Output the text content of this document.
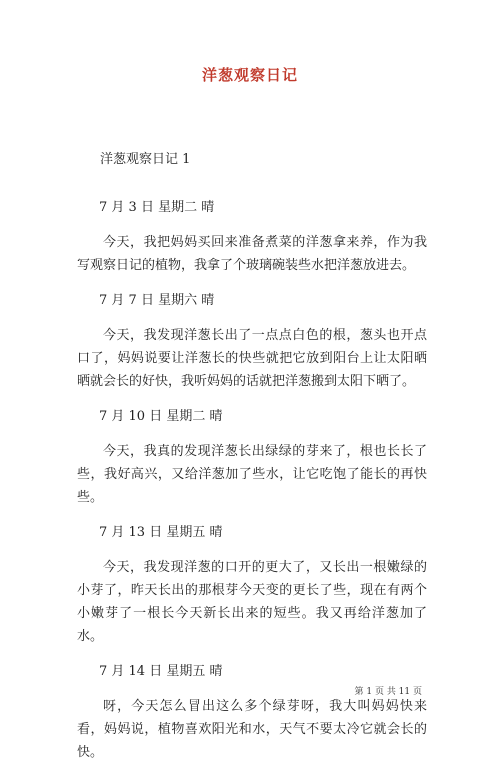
洋葱观察日记
洋葱观察日记 1
7 月 3 日 星期二 晴
今天，我把妈妈买回来准备煮菜的洋葱拿来养，作为我写观察日记的植物，我拿了个玻璃碗装些水把洋葱放进去。
7 月 7 日 星期六 晴
今天，我发现洋葱长出了一点点白色的根，葱头也开点口了，妈妈说要让洋葱长的快些就把它放到阳台上让太阳晒晒就会长的好快，我听妈妈的话就把洋葱搬到太阳下晒了。
7 月 10 日 星期二 晴
今天，我真的发现洋葱长出绿绿的芽来了，根也长长了些，我好高兴，又给洋葱加了些水，让它吃饱了能长的再快些。
7 月 13 日 星期五 晴
今天，我发现洋葱的口开的更大了，又长出一根嫩绿的小芽了，昨天长出的那根芽今天变的更长了些，现在有两个小嫩芽了一根长今天新长出来的短些。我又再给洋葱加了水。
7 月 14 日 星期五 晴
呀，今天怎么冒出这么多个绿芽呀，我大叫妈妈快来看，妈妈说，植物喜欢阳光和水，天气不要太冷它就会长的快。
第 1 页 共 11 页
